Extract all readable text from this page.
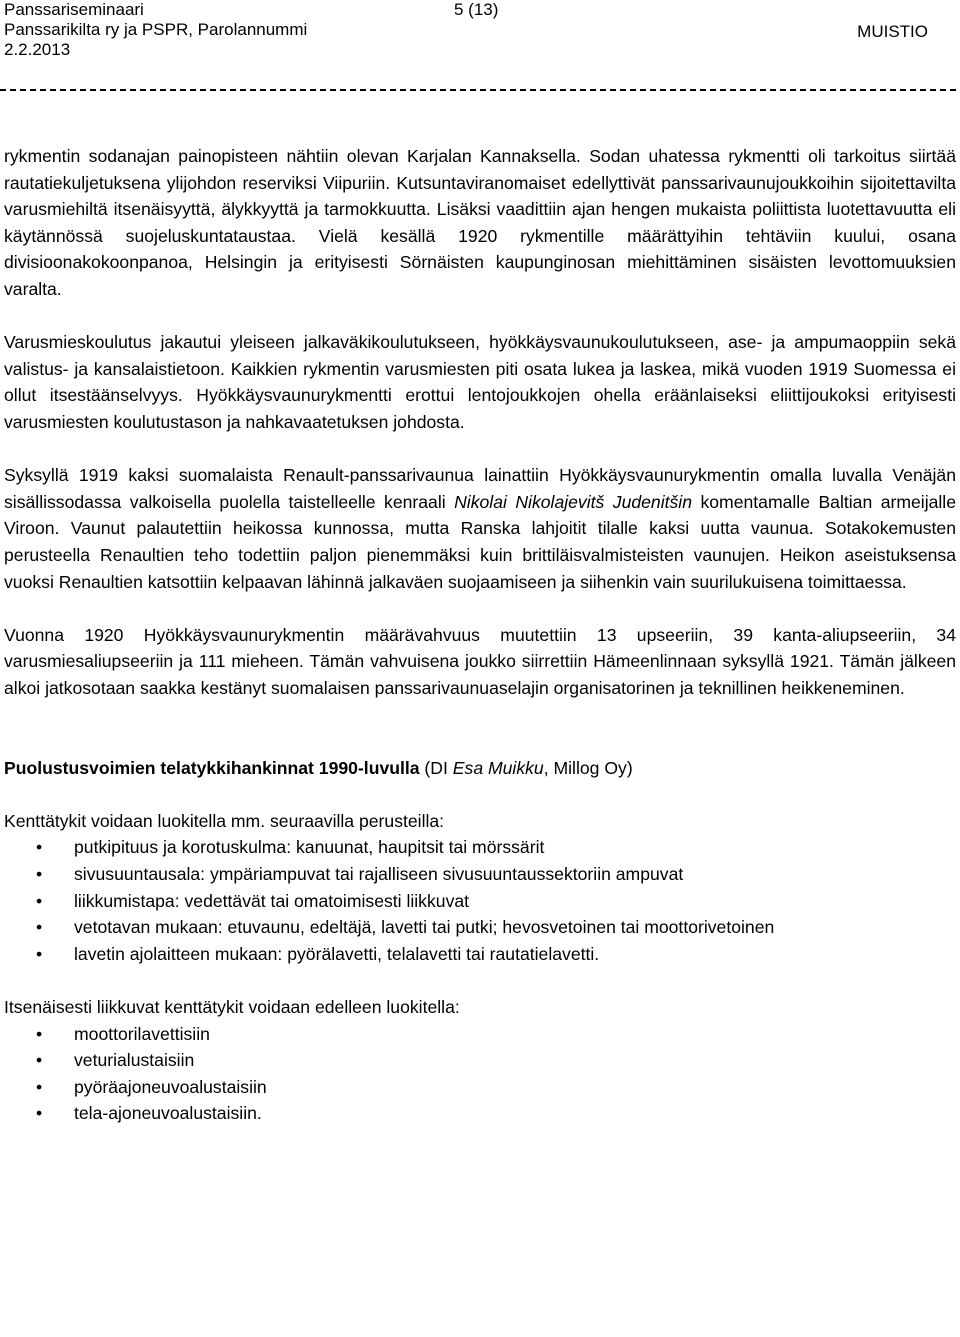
Panssariseminaari
Panssarikilta ry ja PSPR, Parolannummi
2.2.2013
5 (13)
MUISTIO

rykmentin sodanajan painopisteen nähtiin olevan Karjalan Kannaksella. Sodan uhatessa rykmentti oli tarkoitus siirtää rautatiekuljetuksena ylijohdon reserviksi Viipuriin. Kutsuntaviranomaiset edellyttivät panssarivaunujoukkoihin sijoitettavilta varusmiehiltä itsenäisyyttä, älykkyyttä ja tarmokkuutta. Lisäksi vaadittiin ajan hengen mukaista poliittista luotettavuutta eli käytännössä suojeluskuntataustaa. Vielä kesällä 1920 rykmentille määrättyihin tehtäviin kuului, osana divisioonakokoonpanoa, Helsingin ja erityisesti Sörnäisten kaupunginosan miehittäminen sisäisten levottomuuksien varalta.

Varusmieskoulutus jakautui yleiseen jalkaväkikoulutukseen, hyökkäysvaunukoulutukseen, ase- ja ampumaoppiin sekä valistus- ja kansalaistietoon. Kaikkien rykmentin varusmiesten piti osata lukea ja laskea, mikä vuoden 1919 Suomessa ei ollut itsestäänselvyys. Hyökkäysvaunurykmentti erottui lentojoukkojen ohella eräänlaiseksi eliittijoukoksi erityisesti varusmiesten koulutustason ja nahkavaatetuksen johdosta.

Syksyllä 1919 kaksi suomalaista Renault-panssarivaunua lainattiin Hyökkäysvaunurykmentin omalla luvalla Venäjän sisällissodassa valkoisella puolella taistelleelle kenraali Nikolai Nikolajevitš Judenitšin komentamalle Baltian armeijalle Viroon. Vaunut palautettiin heikossa kunnossa, mutta Ranska lahjoitit tilalle kaksi uutta vaunua. Sotakokemusten perusteella Renaultien teho todettiin paljon pienemmäksi kuin brittiläisvalmisteisten vaunujen. Heikon aseistuksensa vuoksi Renaultien katsottiin kelpaavan lähinnä jalkaväen suojaamiseen ja siihenkin vain suurilukuisena toimittaessa.

Vuonna 1920 Hyökkäysvaunurykmentin määrävahvuus muutettiin 13 upseeriin, 39 kanta-aliupseeriin, 34 varusmiesaliupseeriin ja 111 mieheen. Tämän vahvuisena joukko siirrettiin Hämeenlinnaan syksyllä 1921. Tämän jälkeen alkoi jatkosotaan saakka kestänyt suomalaisen panssarivaunuaselajin organisatorinen ja teknillinen heikkeneminen.

Puolustusvoimien telatykkihankinnat 1990-luvulla (DI Esa Muikku, Millog Oy)

Kenttätykit voidaan luokitella mm. seuraavilla perusteilla:

• putkipituus ja korotuskulma: kanuunat, haupitsit tai mörssärit
• sivusuuntausala: ympäriampuvat tai rajalliseen sivusuuntaussektoriin ampuvat
• liikkumistapa: vedettävät tai omatoimisesti liikkuvat
• vetotavan mukaan: etuvaunu, edeltäjä, lavetti tai putki; hevosvetoinen tai moottorivetoinen
• lavetin ajolaitteen mukaan: pyörälavetti, telalavetti tai rautatielavetti.

Itsenäisesti liikkuvat kenttätykit voidaan edelleen luokitella:

• moottorilavettisiin
• veturialustaisiin
• pyöräajoneuvoalustaisiin
• tela-ajoneuvoalustaisiin.
